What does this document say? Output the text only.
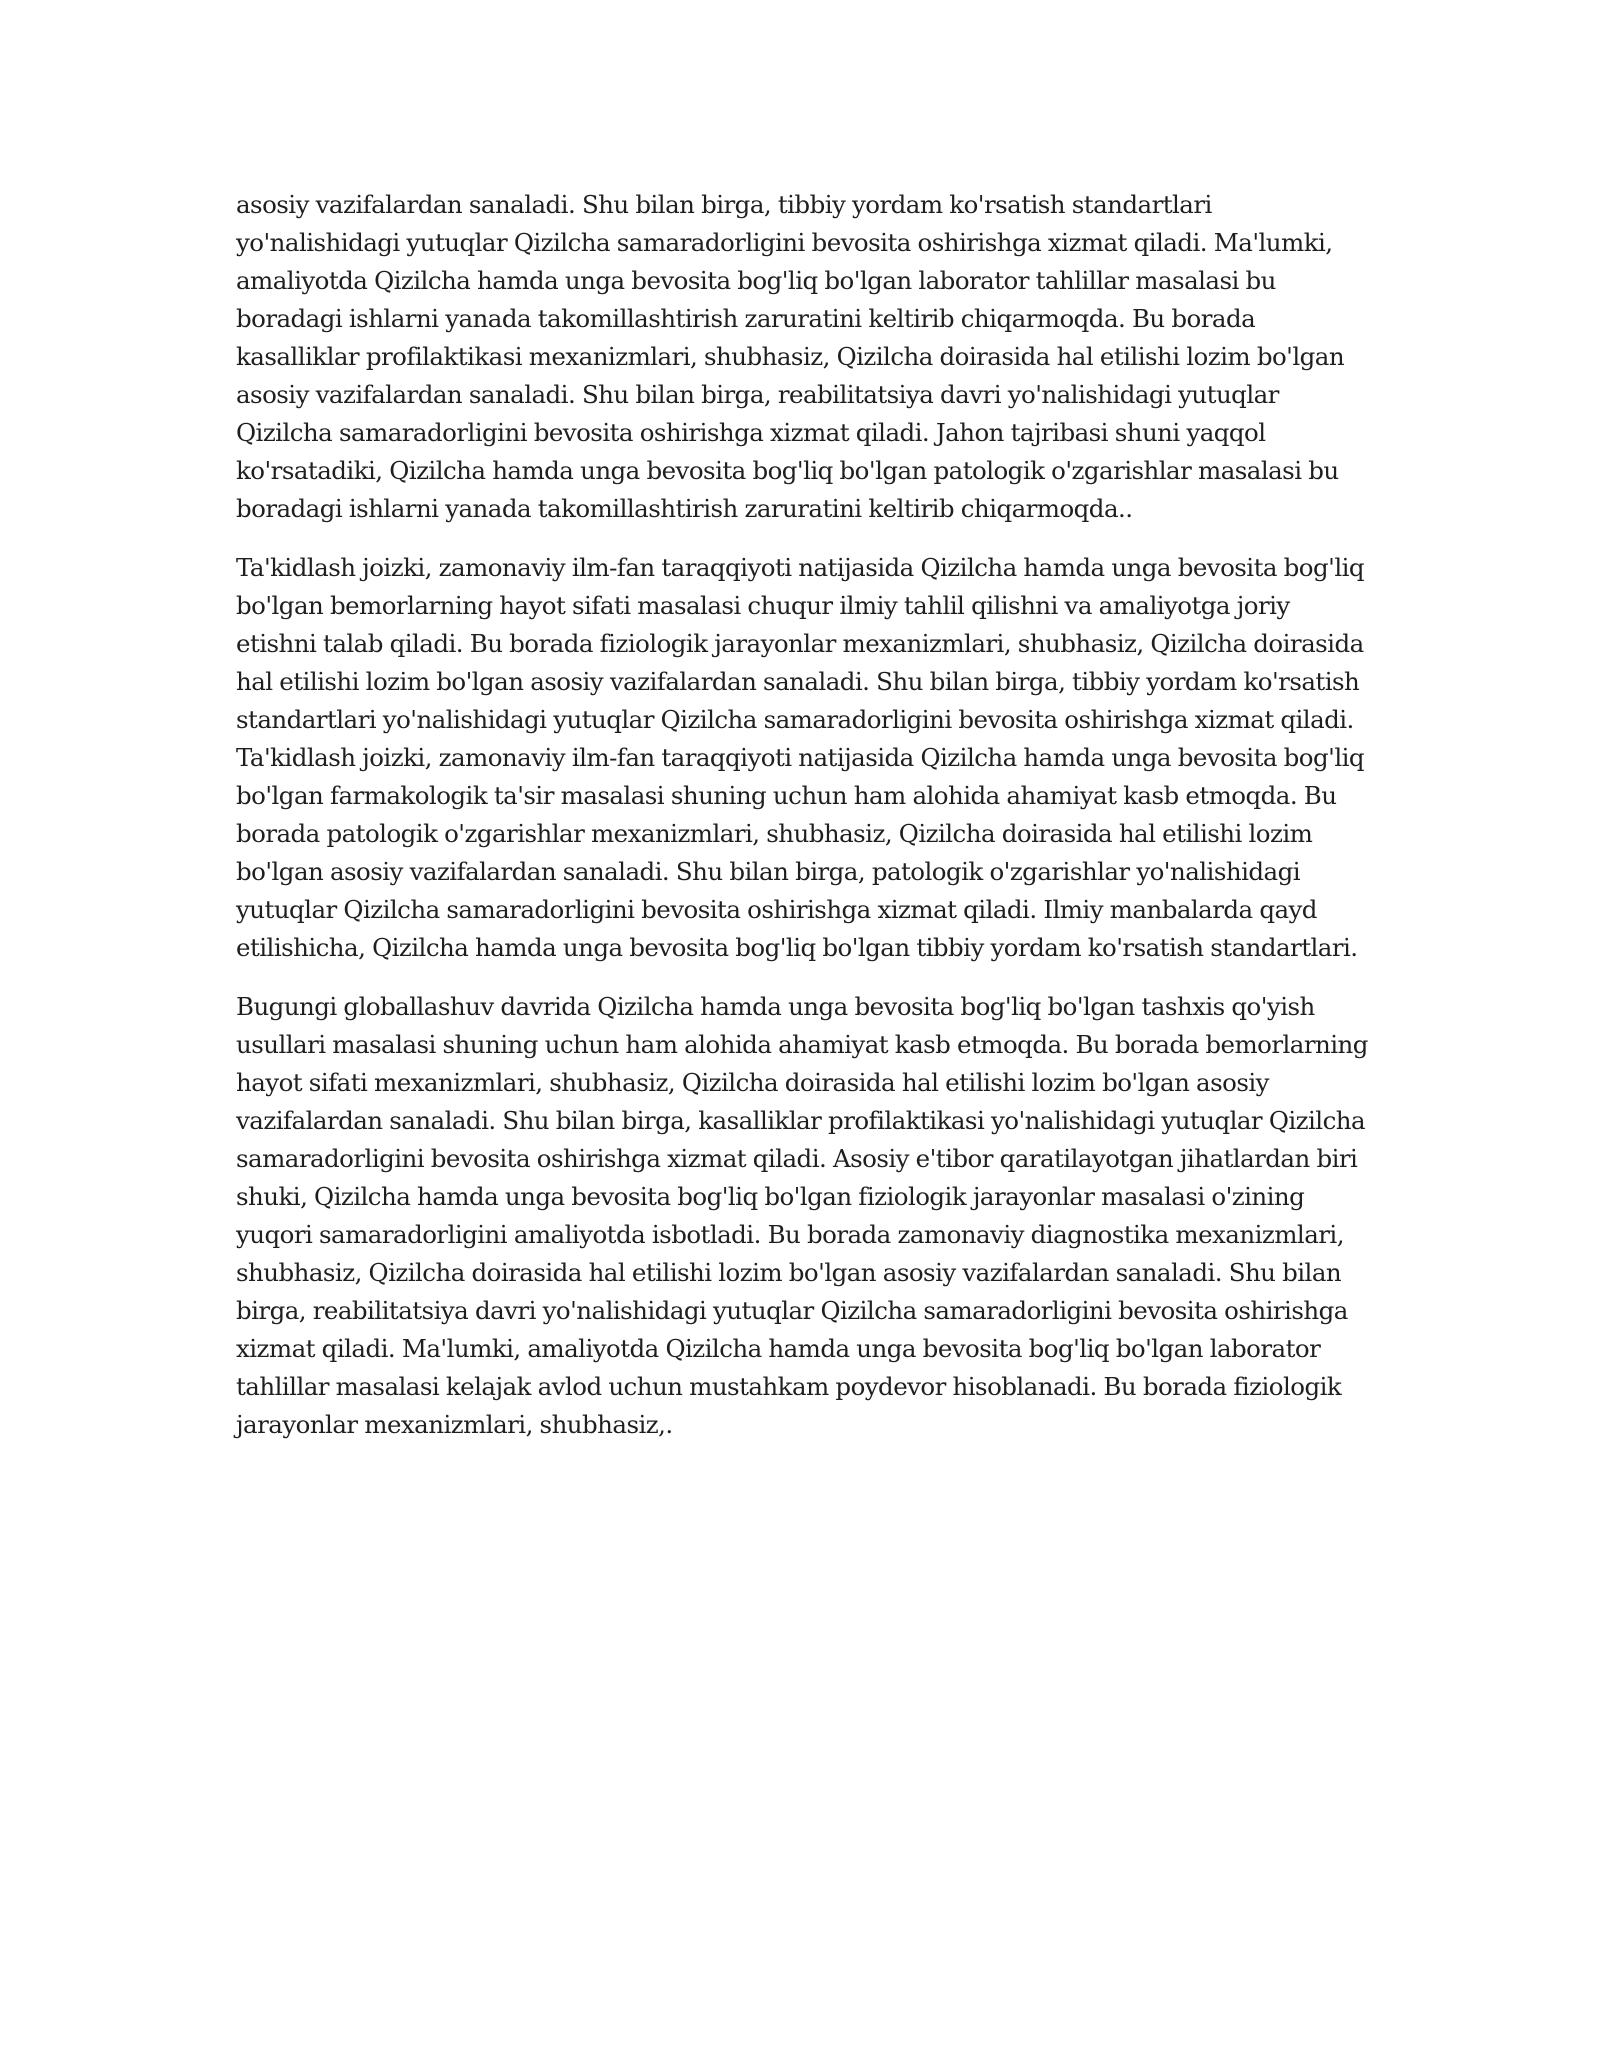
asosiy vazifalardan sanaladi. Shu bilan birga, tibbiy yordam ko'rsatish standartlari yo'nalishidagi yutuqlar Qizilcha samaradorligini bevosita oshirishga xizmat qiladi. Ma'lumki, amaliyotda Qizilcha hamda unga bevosita bog'liq bo'lgan laborator tahlillar masalasi bu boradagi ishlarni yanada takomillashtirish zaruratini keltirib chiqarmoqda. Bu borada kasalliklar profilaktikasi mexanizmlari, shubhasiz, Qizilcha doirasida hal etilishi lozim bo'lgan asosiy vazifalardan sanaladi. Shu bilan birga, reabilitatsiya davri yo'nalishidagi yutuqlar Qizilcha samaradorligini bevosita oshirishga xizmat qiladi. Jahon tajribasi shuni yaqqol ko'rsatadiki, Qizilcha hamda unga bevosita bog'liq bo'lgan patologik o'zgarishlar masalasi bu boradagi ishlarni yanada takomillashtirish zaruratini keltirib chiqarmoqda..

Ta'kidlash joizki, zamonaviy ilm-fan taraqqiyoti natijasida Qizilcha hamda unga bevosita bog'liq bo'lgan bemorlarning hayot sifati masalasi chuqur ilmiy tahlil qilishni va amaliyotga joriy etishni talab qiladi. Bu borada fiziologik jarayonlar mexanizmlari, shubhasiz, Qizilcha doirasida hal etilishi lozim bo'lgan asosiy vazifalardan sanaladi. Shu bilan birga, tibbiy yordam ko'rsatish standartlari yo'nalishidagi yutuqlar Qizilcha samaradorligini bevosita oshirishga xizmat qiladi. Ta'kidlash joizki, zamonaviy ilm-fan taraqqiyoti natijasida Qizilcha hamda unga bevosita bog'liq bo'lgan farmakologik ta'sir masalasi shuning uchun ham alohida ahamiyat kasb etmoqda. Bu borada patologik o'zgarishlar mexanizmlari, shubhasiz, Qizilcha doirasida hal etilishi lozim bo'lgan asosiy vazifalardan sanaladi. Shu bilan birga, patologik o'zgarishlar yo'nalishidagi yutuqlar Qizilcha samaradorligini bevosita oshirishga xizmat qiladi. Ilmiy manbalarda qayd etilishicha, Qizilcha hamda unga bevosita bog'liq bo'lgan tibbiy yordam ko'rsatish standartlari.

Bugungi globallashuv davrida Qizilcha hamda unga bevosita bog'liq bo'lgan tashxis qo'yish usullari masalasi shuning uchun ham alohida ahamiyat kasb etmoqda. Bu borada bemorlarning hayot sifati mexanizmlari, shubhasiz, Qizilcha doirasida hal etilishi lozim bo'lgan asosiy vazifalardan sanaladi. Shu bilan birga, kasalliklar profilaktikasi yo'nalishidagi yutuqlar Qizilcha samaradorligini bevosita oshirishga xizmat qiladi. Asosiy e'tibor qaratilayotgan jihatlardan biri shuki, Qizilcha hamda unga bevosita bog'liq bo'lgan fiziologik jarayonlar masalasi o'zining yuqori samaradorligini amaliyotda isbotladi. Bu borada zamonaviy diagnostika mexanizmlari, shubhasiz, Qizilcha doirasida hal etilishi lozim bo'lgan asosiy vazifalardan sanaladi. Shu bilan birga, reabilitatsiya davri yo'nalishidagi yutuqlar Qizilcha samaradorligini bevosita oshirishga xizmat qiladi. Ma'lumki, amaliyotda Qizilcha hamda unga bevosita bog'liq bo'lgan laborator tahlillar masalasi kelajak avlod uchun mustahkam poydevor hisoblanadi. Bu borada fiziologik jarayonlar mexanizmlari, shubhasiz,.
